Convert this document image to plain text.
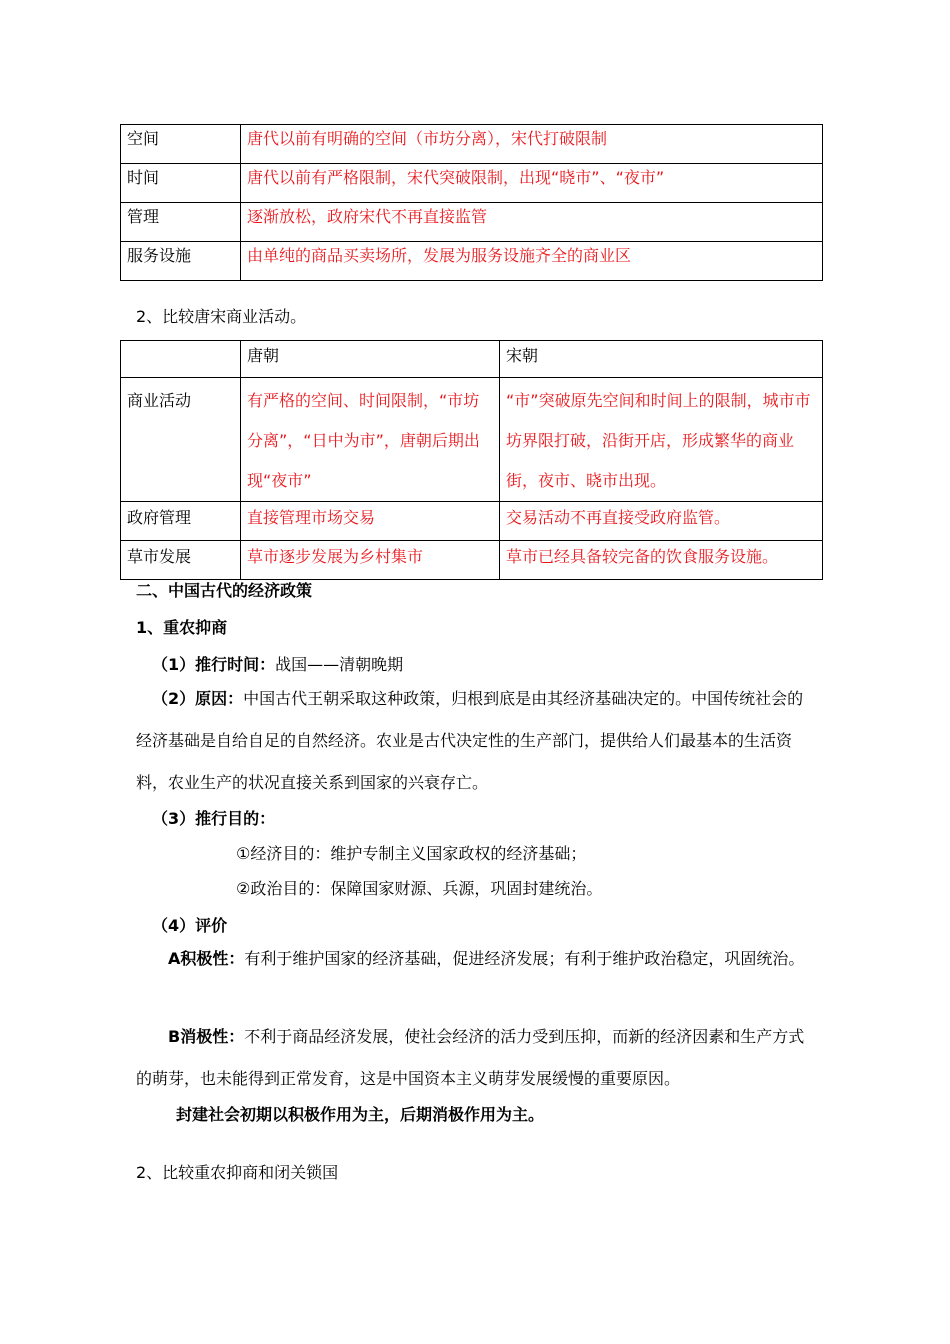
空间	唐代以前有明确的空间（市坊分离），宋代打破限制
时间	唐代以前有严格限制，宋代突破限制，出现“晓市”、“夜市”
管理	逐渐放松，政府宋代不再直接监管
服务设施	由单纯的商品买卖场所，发展为服务设施齐全的商业区
2、比较唐宋商业活动。
	唐朝	宋朝
商业活动	有严格的空间、时间限制，“市坊分离”，“日中为市”，唐朝后期出现“夜市”	“市”突破原先空间和时间上的限制，城市市坊界限打破，沿街开店，形成繁华的商业街，夜市、晓市出现。
政府管理	直接管理市场交易	交易活动不再直接受政府监管。
草市发展	草市逐步发展为乡村集市	草市已经具备较完备的饮食服务设施。
二、中国古代的经济政策
1、重农抑商
（1）推行时间：战国——清朝晚期
（2）原因：中国古代王朝采取这种政策，归根到底是由其经济基础决定的。中国传统社会的经济基础是自给自足的自然经济。农业是古代决定性的生产部门，提供给人们最基本的生活资料，农业生产的状况直接关系到国家的兴衰存亡。
（3）推行目的：
①经济目的：维护专制主义国家政权的经济基础；
②政治目的：保障国家财源、兵源，巩固封建统治。
（4）评价
A积极性：有利于维护国家的经济基础，促进经济发展；有利于维护政治稳定，巩固统治。
B消极性：不利于商品经济发展，使社会经济的活力受到压抑，而新的经济因素和生产方式的萌芽，也未能得到正常发育，这是中国资本主义萌芽发展缓慢的重要原因。
封建社会初期以积极作用为主，后期消极作用为主。
2、比较重农抑商和闭关锁国
